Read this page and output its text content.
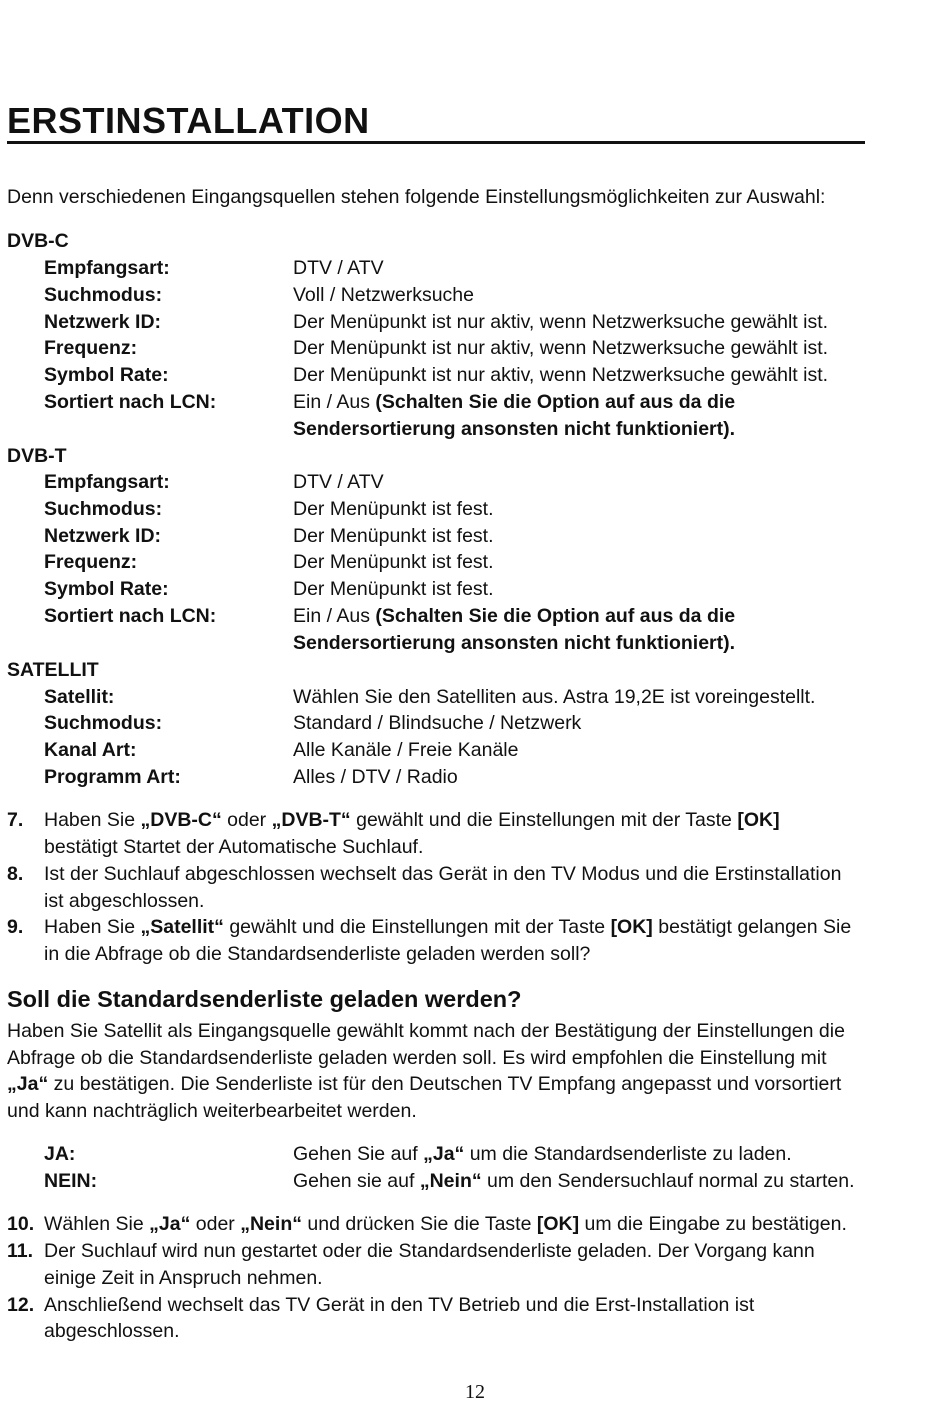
ERSTINSTALLATION
Denn verschiedenen Eingangsquellen stehen folgende Einstellungsmöglichkeiten zur Auswahl:
DVB-C
Empfangsart:	DTV / ATV
Suchmodus:	Voll / Netzwerksuche
Netzwerk ID:	Der Menüpunkt ist nur aktiv, wenn Netzwerksuche gewählt ist.
Frequenz:	Der Menüpunkt ist nur aktiv, wenn Netzwerksuche gewählt ist.
Symbol Rate:	Der Menüpunkt ist nur aktiv, wenn Netzwerksuche gewählt ist.
Sortiert nach LCN:	Ein / Aus (Schalten Sie die Option auf aus da die
Sendersortierung ansonsten nicht funktioniert).
DVB-T
Empfangsart:	DTV / ATV
Suchmodus:	Der Menüpunkt ist fest.
Netzwerk ID:	Der Menüpunkt ist fest.
Frequenz:	Der Menüpunkt ist fest.
Symbol Rate:	Der Menüpunkt ist fest.
Sortiert nach LCN:	Ein / Aus (Schalten Sie die Option auf aus da die
Sendersortierung ansonsten nicht funktioniert).
SATELLIT
Satellit:	Wählen Sie den Satelliten aus. Astra 19,2E ist voreingestellt.
Suchmodus:	Standard / Blindsuche / Netzwerk
Kanal Art:	Alle Kanäle / Freie Kanäle
Programm Art:	Alles / DTV / Radio
7. Haben Sie „DVB-C“ oder „DVB-T“ gewählt und die Einstellungen mit der Taste [OK]
bestätigt Startet der Automatische Suchlauf.
8. Ist der Suchlauf abgeschlossen wechselt das Gerät in den TV Modus und die Erstinstallation
ist abgeschlossen.
9. Haben Sie „Satellit“ gewählt und die Einstellungen mit der Taste [OK] bestätigt gelangen Sie
in die Abfrage ob die Standardsenderliste geladen werden soll?
Soll die Standardsenderliste geladen werden?
Haben Sie Satellit als Eingangsquelle gewählt kommt nach der Bestätigung der Einstellungen die
Abfrage ob die Standardsenderliste geladen werden soll. Es wird empfohlen die Einstellung mit
„Ja“ zu bestätigen. Die Senderliste ist für den Deutschen TV Empfang angepasst und vorsortiert
und kann nachträglich weiterbearbeitet werden.
JA:	Gehen Sie auf „Ja“ um die Standardsenderliste zu laden.
NEIN:	Gehen sie auf „Nein“ um den Sendersuchlauf normal zu starten.
10. Wählen Sie „Ja“ oder „Nein“ und drücken Sie die Taste [OK] um die Eingabe zu bestätigen.
11. Der Suchlauf wird nun gestartet oder die Standardsenderliste geladen. Der Vorgang kann
einige Zeit in Anspruch nehmen.
12. Anschließend wechselt das TV Gerät in den TV Betrieb und die Erst-Installation ist
abgeschlossen.
12
